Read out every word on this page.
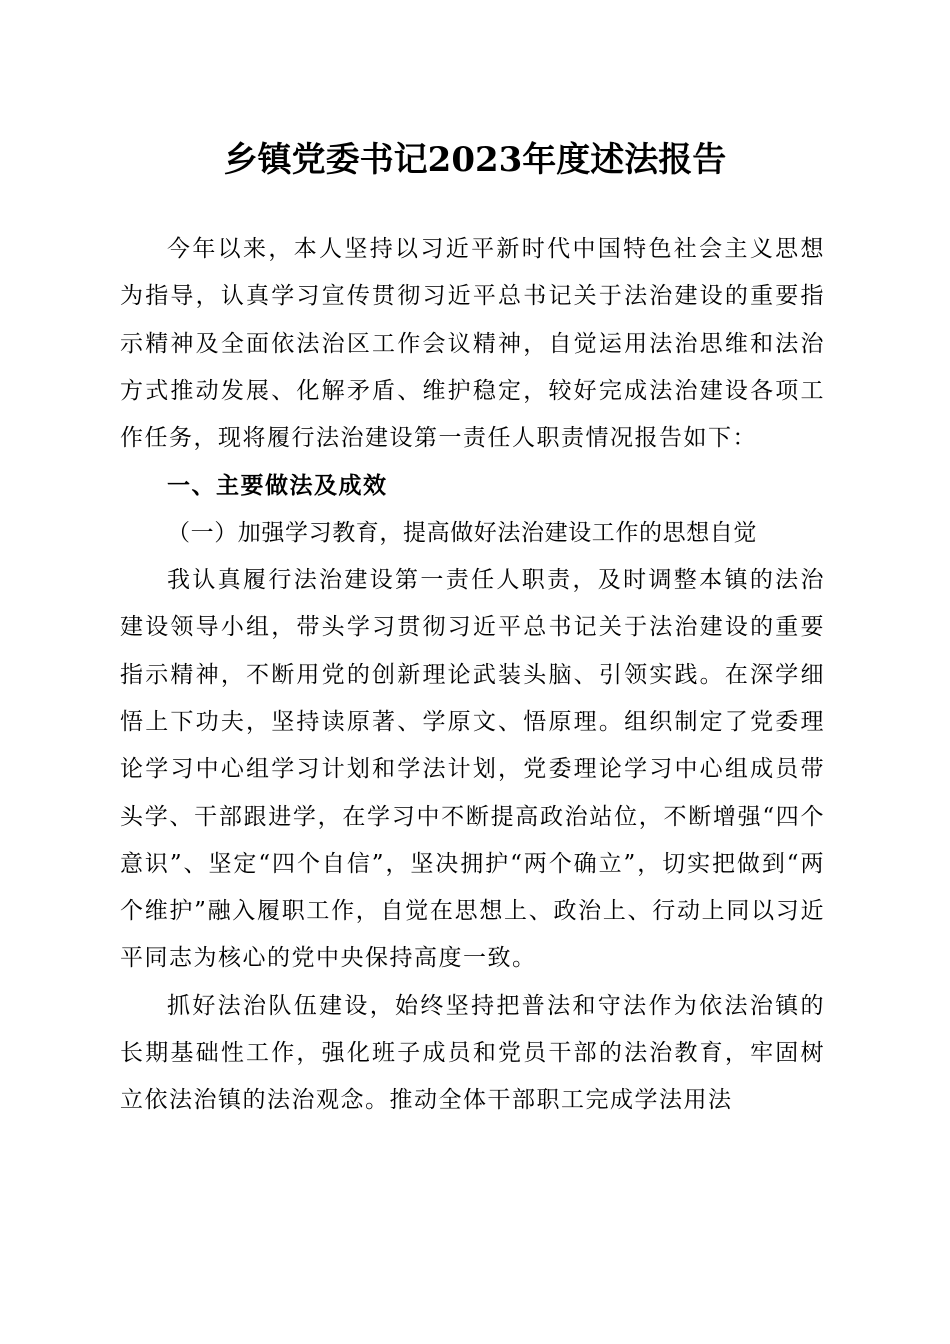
乡镇党委书记2023年度述法报告

今年以来，本人坚持以习近平新时代中国特色社会主义思想为指导，认真学习宣传贯彻习近平总书记关于法治建设的重要指示精神及全面依法治区工作会议精神，自觉运用法治思维和法治方式推动发展、化解矛盾、维护稳定，较好完成法治建设各项工作任务，现将履行法治建设第一责任人职责情况报告如下：

一、主要做法及成效
（一）加强学习教育，提高做好法治建设工作的思想自觉

我认真履行法治建设第一责任人职责，及时调整本镇的法治建设领导小组，带头学习贯彻习近平总书记关于法治建设的重要指示精神，不断用党的创新理论武装头脑、引领实践。在深学细悟上下功夫，坚持读原著、学原文、悟原理。组织制定了党委理论学习中心组学习计划和学法计划，党委理论学习中心组成员带头学、干部跟进学，在学习中不断提高政治站位，不断增强“四个意识”、坚定“四个自信”，坚决拥护“两个确立”，切实把做到“两个维护”融入履职工作，自觉在思想上、政治上、行动上同以习近平同志为核心的党中央保持高度一致。

抓好法治队伍建设，始终坚持把普法和守法作为依法治镇的长期基础性工作，强化班子成员和党员干部的法治教育，牢固树立依法治镇的法治观念。推动全体干部职工完成学法用法
